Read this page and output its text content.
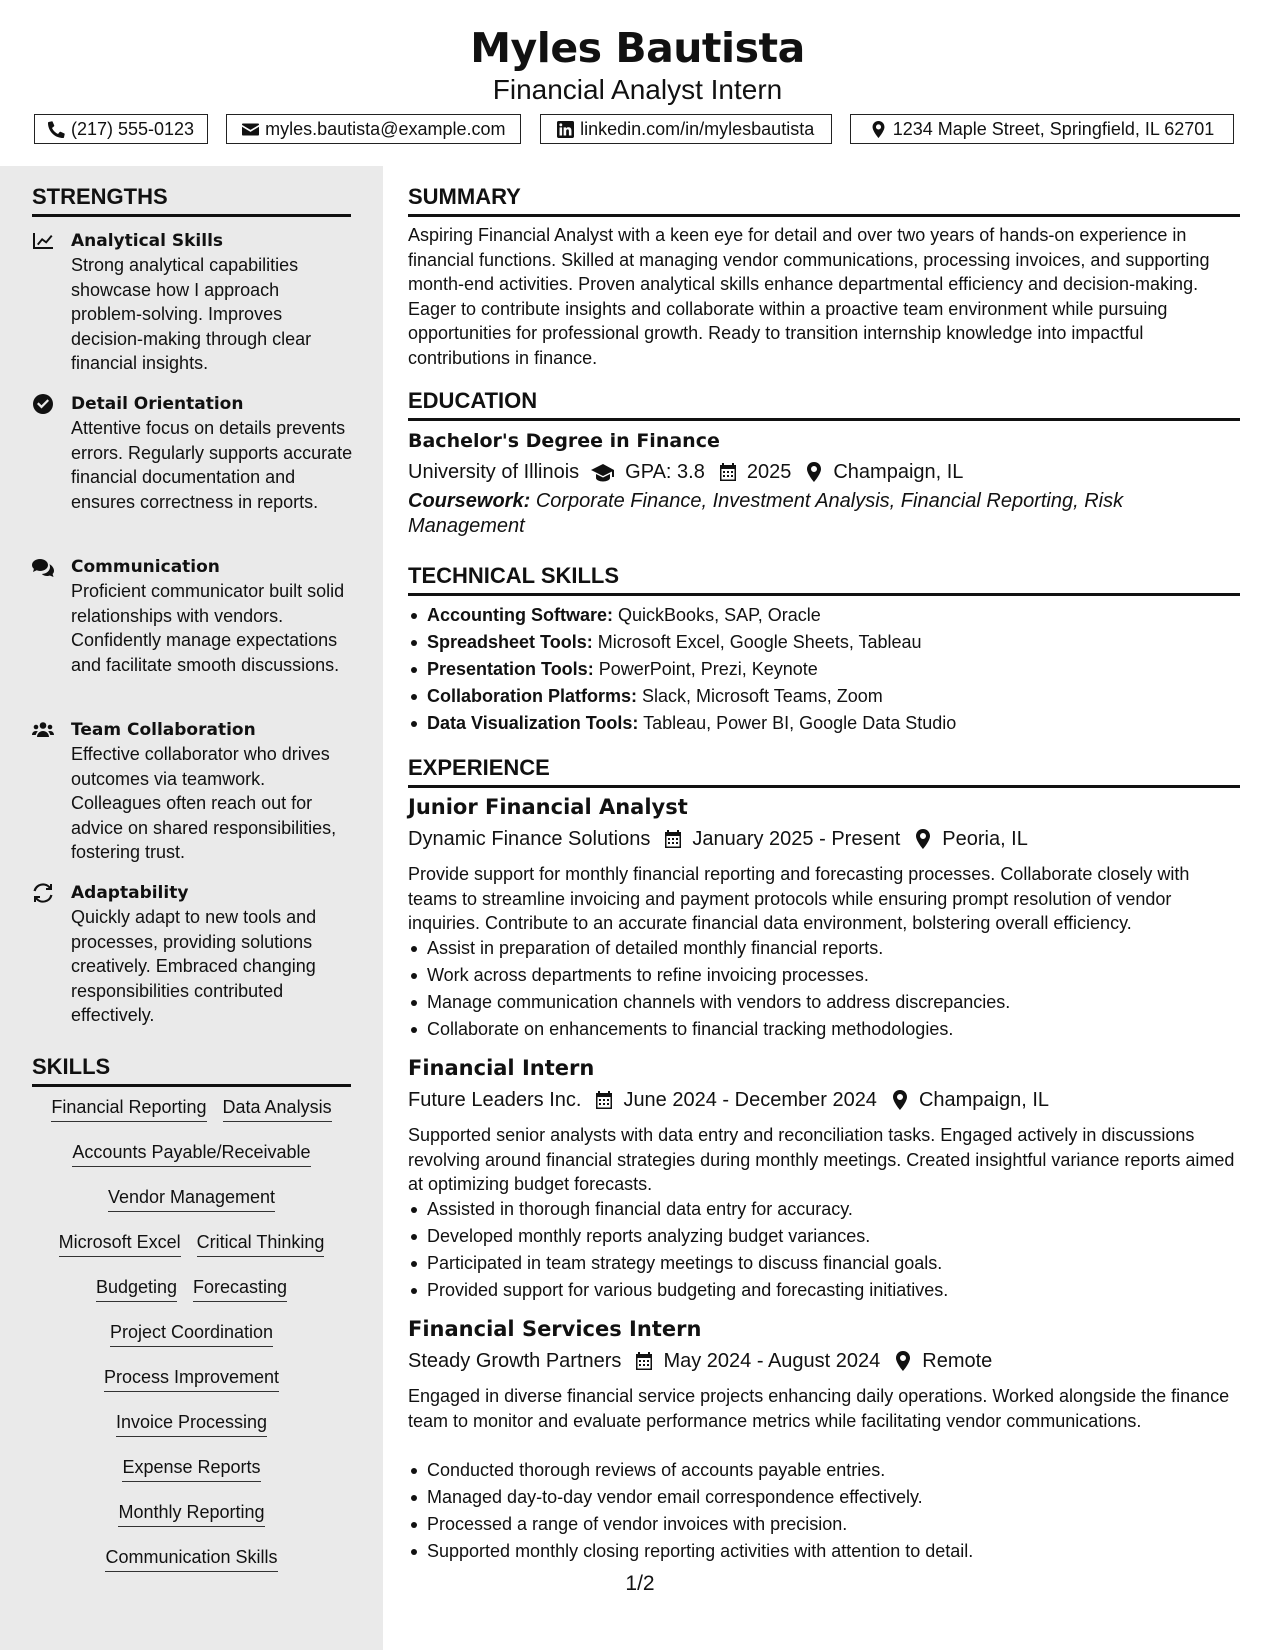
Myles Bautista
Financial Analyst Intern
(217) 555-0123	myles.bautista@example.com	linkedin.com/in/mylesbautista	1234 Maple Street, Springfield, IL 62701
STRENGTHS
Analytical Skills
Strong analytical capabilities showcase how I approach problem-solving. Improves decision-making through clear financial insights.
Detail Orientation
Attentive focus on details prevents errors. Regularly supports accurate financial documentation and ensures correctness in reports.
Communication
Proficient communicator built solid relationships with vendors. Confidently manage expectations and facilitate smooth discussions.
Team Collaboration
Effective collaborator who drives outcomes via teamwork. Colleagues often reach out for advice on shared responsibilities, fostering trust.
Adaptability
Quickly adapt to new tools and processes, providing solutions creatively. Embraced changing responsibilities contributed effectively.
SKILLS
Financial Reporting Data Analysis
Accounts Payable/Receivable
Vendor Management
Microsoft Excel Critical Thinking
Budgeting Forecasting
Project Coordination
Process Improvement
Invoice Processing
Expense Reports
Monthly Reporting
Communication Skills
SUMMARY
Aspiring Financial Analyst with a keen eye for detail and over two years of hands-on experience in financial functions. Skilled at managing vendor communications, processing invoices, and supporting month-end activities. Proven analytical skills enhance departmental efficiency and decision-making. Eager to contribute insights and collaborate within a proactive team environment while pursuing opportunities for professional growth. Ready to transition internship knowledge into impactful contributions in finance.
EDUCATION
Bachelor's Degree in Finance
University of Illinois GPA: 3.8 2025 Champaign, IL
Coursework: Corporate Finance, Investment Analysis, Financial Reporting, Risk Management
TECHNICAL SKILLS
Accounting Software: QuickBooks, SAP, Oracle
Spreadsheet Tools: Microsoft Excel, Google Sheets, Tableau
Presentation Tools: PowerPoint, Prezi, Keynote
Collaboration Platforms: Slack, Microsoft Teams, Zoom
Data Visualization Tools: Tableau, Power BI, Google Data Studio
EXPERIENCE
Junior Financial Analyst
Dynamic Finance Solutions January 2025 - Present Peoria, IL
Provide support for monthly financial reporting and forecasting processes. Collaborate closely with teams to streamline invoicing and payment protocols while ensuring prompt resolution of vendor inquiries. Contribute to an accurate financial data environment, bolstering overall efficiency.
Assist in preparation of detailed monthly financial reports.
Work across departments to refine invoicing processes.
Manage communication channels with vendors to address discrepancies.
Collaborate on enhancements to financial tracking methodologies.
Financial Intern
Future Leaders Inc. June 2024 - December 2024 Champaign, IL
Supported senior analysts with data entry and reconciliation tasks. Engaged actively in discussions revolving around financial strategies during monthly meetings. Created insightful variance reports aimed at optimizing budget forecasts.
Assisted in thorough financial data entry for accuracy.
Developed monthly reports analyzing budget variances.
Participated in team strategy meetings to discuss financial goals.
Provided support for various budgeting and forecasting initiatives.
Financial Services Intern
Steady Growth Partners May 2024 - August 2024 Remote
Engaged in diverse financial service projects enhancing daily operations. Worked alongside the finance team to monitor and evaluate performance metrics while facilitating vendor communications.
Conducted thorough reviews of accounts payable entries.
Managed day-to-day vendor email correspondence effectively.
Processed a range of vendor invoices with precision.
Supported monthly closing reporting activities with attention to detail.
1/2
